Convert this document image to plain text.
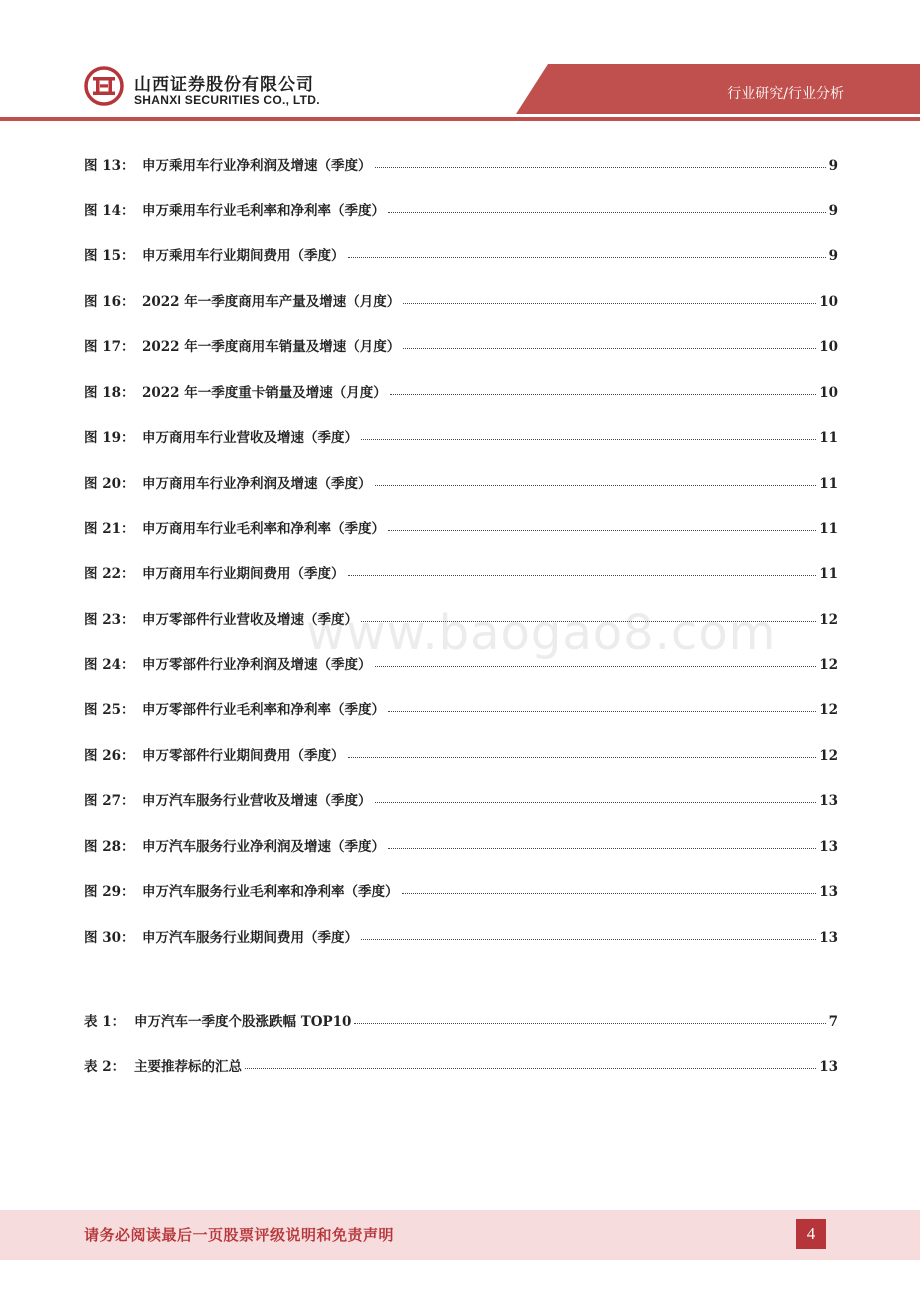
山西证券股份有限公司
SHANXI SECURITIES CO., LTD.	行业研究/行业分析
图 13： 申万乘用车行业净利润及增速（季度）	9
图 14： 申万乘用车行业毛利率和净利率（季度）	9
图 15： 申万乘用车行业期间费用（季度）	9
图 16： 2022 年一季度商用车产量及增速（月度）	10
图 17： 2022 年一季度商用车销量及增速（月度）	10
图 18： 2022 年一季度重卡销量及增速（月度）	10
图 19： 申万商用车行业营收及增速（季度）	11
图 20： 申万商用车行业净利润及增速（季度）	11
图 21： 申万商用车行业毛利率和净利率（季度）	11
图 22： 申万商用车行业期间费用（季度）	11
图 23： 申万零部件行业营收及增速（季度）	12
图 24： 申万零部件行业净利润及增速（季度）	12
图 25： 申万零部件行业毛利率和净利率（季度）	12
图 26： 申万零部件行业期间费用（季度）	12
图 27： 申万汽车服务行业营收及增速（季度）	13
图 28： 申万汽车服务行业净利润及增速（季度）	13
图 29： 申万汽车服务行业毛利率和净利率（季度）	13
图 30： 申万汽车服务行业期间费用（季度）	13
表 1： 申万汽车一季度个股涨跌幅 TOP10	7
表 2： 主要推荐标的汇总	13
www.baogao8.com
请务必阅读最后一页股票评级说明和免责声明	4
